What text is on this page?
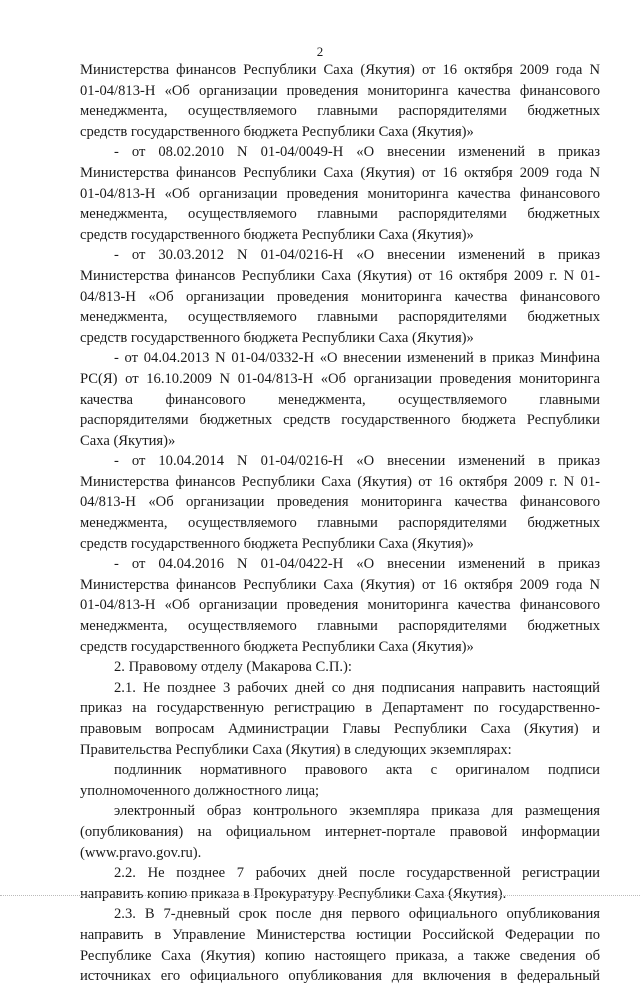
2
Министерства финансов Республики Саха (Якутия) от 16 октября 2009 года N
01-04/813-Н «Об организации проведения мониторинга качества финансового
менеджмента, осуществляемого главными распорядителями бюджетных
средств государственного бюджета Республики Саха (Якутия)»
- от 08.02.2010 N 01-04/0049-Н «О внесении изменений в приказ
Министерства финансов Республики Саха (Якутия) от 16 октября 2009 года N
01-04/813-Н «Об организации проведения мониторинга качества финансового
менеджмента, осуществляемого главными распорядителями бюджетных
средств государственного бюджета Республики Саха (Якутия)»
- от 30.03.2012 N 01-04/0216-Н «О внесении изменений в приказ
Министерства финансов Республики Саха (Якутия) от 16 октября 2009 г. N 01-
04/813-Н «Об организации проведения мониторинга качества финансового
менеджмента, осуществляемого главными распорядителями бюджетных
средств государственного бюджета Республики Саха (Якутия)»
- от 04.04.2013 N 01-04/0332-Н «О внесении изменений в приказ Минфина
РС(Я) от 16.10.2009 N 01-04/813-Н «Об организации проведения мониторинга
качества финансового менеджмента, осуществляемого главными
распорядителями бюджетных средств государственного бюджета Республики
Саха (Якутия)»
- от 10.04.2014 N 01-04/0216-Н «О внесении изменений в приказ
Министерства финансов Республики Саха (Якутия) от 16 октября 2009 г. N 01-
04/813-Н «Об организации проведения мониторинга качества финансового
менеджмента, осуществляемого главными распорядителями бюджетных
средств государственного бюджета Республики Саха (Якутия)»
- от 04.04.2016 N 01-04/0422-Н «О внесении изменений в приказ
Министерства финансов Республики Саха (Якутия) от 16 октября 2009 года N
01-04/813-Н «Об организации проведения мониторинга качества финансового
менеджмента, осуществляемого главными распорядителями бюджетных
средств государственного бюджета Республики Саха (Якутия)»
2. Правовому отделу (Макарова С.П.):
2.1. Не позднее 3 рабочих дней со дня подписания направить настоящий
приказ на государственную регистрацию в Департамент по государственно-
правовым вопросам Администрации Главы Республики Саха (Якутия) и
Правительства Республики Саха (Якутия) в следующих экземплярах:
подлинник нормативного правового акта с оригиналом подписи
уполномоченного должностного лица;
электронный образ контрольного экземпляра приказа для размещения
(опубликования) на официальном интернет-портале правовой информации
(www.pravo.gov.ru).
2.2. Не позднее 7 рабочих дней после государственной регистрации
направить копию приказа в Прокуратуру Республики Саха (Якутия).
2.3. В 7-дневный срок после дня первого официального опубликования
направить в Управление Министерства юстиции Российской Федерации по
Республике Саха (Якутия) копию настоящего приказа, а также сведения об
источниках его официального опубликования для включения в федеральный
